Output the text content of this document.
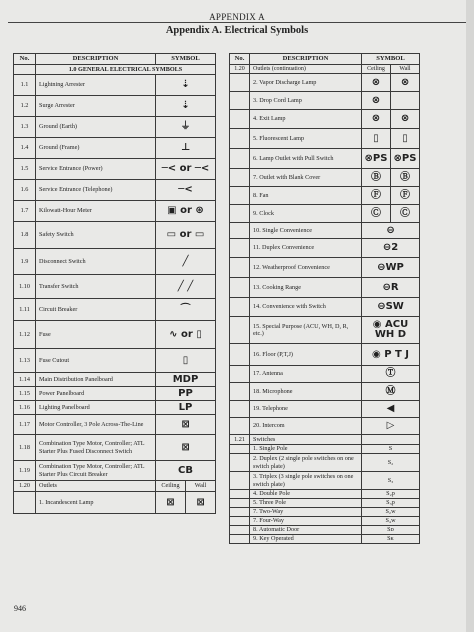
APPENDIX A
Appendix A. Electrical Symbols
No.	DESCRIPTION	SYMBOL	
	1.0 GENERAL ELECTRICAL SYMBOLS		
1.1	Lightning Arrester	⇣	
1.2	Surge Arrester	⇣	
1.3	Ground (Earth)	⏚	
1.4	Ground (Frame)	⊥	
1.5	Service Entrance (Power)	─< or ─<	
1.6	Service Entrance (Telephone)	─<	
1.7	Kilowatt-Hour Meter	▣ or ⊛	
1.8	Safety Switch	▭ or ▭	
1.9	Disconnect Switch	╱	
1.10	Transfer Switch	╱ ╱	
1.11	Circuit Breaker	⌒	
1.12	Fuse	∿ or ▯	
1.13	Fuse Cutout	▯	
1.14	Main Distribution Panelboard	MDP	
1.15	Power Panelboard	PP	
1.16	Lighting Panelboard	LP	
1.17	Motor Controller, 3 Pole Across-The-Line	⊠	
1.18	Combination Type Motor, Controller; ATL Starter Plus Fused Disconnect Switch	⊠	
1.19	Combination Type Motor, Controller; ATL Starter Plus Circuit Breaker	CB	
1.20	Outlets	Ceiling	Wall
	1. Incandescent Lamp	⊠	⊠
No.	DESCRIPTION	SYMBOL	
1.20	Outlets (continuation)	Ceiling	Wall
	2. Vapor Discharge Lamp	⊗	⊗
	3. Drop Cord Lamp	⊗	
	4. Exit Lamp	⊗	⊗
	5. Fluorescent Lamp	▯	▯
	6. Lamp Outlet with Pull Switch	⊗PS	⊗PS
	7. Outlet with Blank Cover	Ⓑ	Ⓑ
	8. Fan	Ⓕ	Ⓕ
	9. Clock	Ⓒ	Ⓒ
	10. Single Convenience	⊖	
	11. Duplex Convenience	⊖2	
	12. Weatherproof Convenience	⊖WP	
	13. Cooking Range	⊖R	
	14. Convenience with Switch	⊖SW	
	15. Special Purpose (ACU, WH, D, R, etc.)	◉ ACU WH D	
	16. Floor (P,T,J)	◉ P T J	
	17. Antenna	Ⓣ	
	18. Microphone	Ⓜ	
	19. Telephone	◀	
	20. Intercom	▷	
1.21	Switches		
	1. Single Pole	S	
	2. Duplex (2 single pole switches on one switch plate)	S₂	
	3. Triplex (3 single pole switches on one switch plate)	S₃	
	4. Double Pole	S₂p	
	5. Three Pole	S₃p	
	7. Two-Way	S₂w	
	7. Four-Way	S₄w	
	8. Automatic Door	Sᴅ	
	9. Key Operated	Sᴋ	
946
